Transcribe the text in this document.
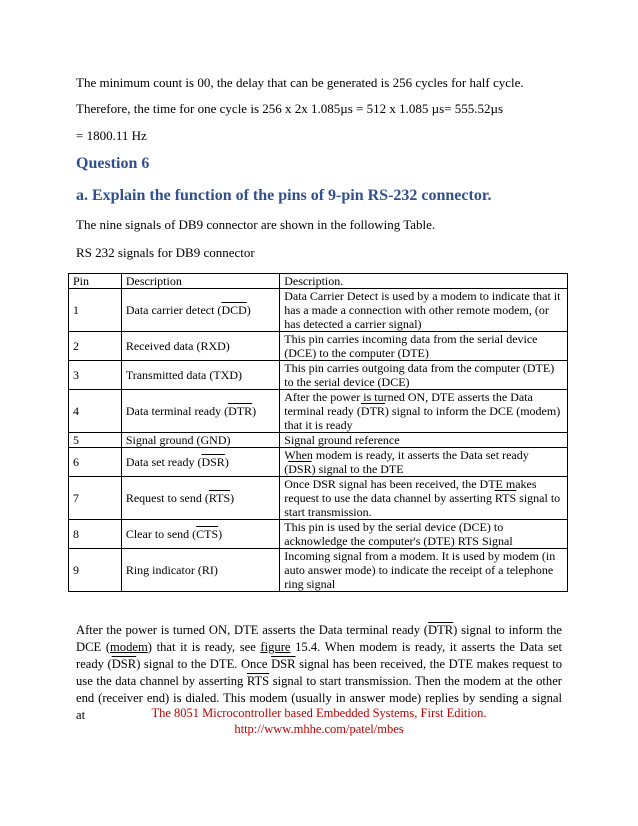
The minimum count is 00, the delay that can be generated is 256 cycles for half cycle.
Therefore, the time for one cycle is 256 x 2x 1.085µs = 512 x 1.085 µs= 555.52µs
= 1800.11 Hz
Question 6
a. Explain the function of the pins of 9-pin RS-232 connector.
The nine signals of DB9 connector are shown in the following Table.
RS 232 signals for DB9 connector
Pin	Description	Description.
1	Data carrier detect $(\overline{DCD})$	Data Carrier Detect is used by a modem to indicate that it has a made a connection with other remote modem, (or has detected a carrier signal)
2	Received data (RXD)	This pin carries incoming data from the serial device (DCE) to the computer (DTE)
3	Transmitted data (TXD)	This pin carries outgoing data from the computer (DTE) to the serial device (DCE)
4	Data terminal ready $(\overline{DTR})$	After the power is turned ON, DTE asserts the Data terminal ready $(\overline{DTR})$ signal to inform the DCE (modem) that it is ready
5	Signal ground (GND)	Signal ground reference
6	Data set ready $(\overline{DSR})$	When modem is ready, it asserts the Data set ready $(\overline{DSR})$ signal to the DTE
7	Request to send $(\overline{RTS})$	Once $\overline{DSR}$ signal has been received, the DTE makes request to use the data channel by asserting $\overline{RTS}$ signal to start transmission.
8	Clear to send $(\overline{CTS})$	This pin is used by the serial device (DCE) to acknowledge the computer's (DTE) RTS Signal
9	Ring indicator (RI)	Incoming signal from a modem. It is used by modem (in auto answer mode) to indicate the receipt of a telephone ring signal
After the power is turned ON, DTE asserts the Data terminal ready $(\overline{DTR})$ signal to inform the DCE (modem) that it is ready, see figure 15.4. When modem is ready, it asserts the Data set ready $(\overline{DSR})$ signal to the DTE. Once $\overline{DSR}$ signal has been received, the DTE makes request to use the data channel by asserting $\overline{RTS}$ signal to start transmission. Then the modem at the other end (receiver end) is dialed. This modem (usually in answer mode) replies by sending a signal at	The 8051 Microcontroller based Embedded Systems, First Edition.
http://www.mhhe.com/patel/mbes
